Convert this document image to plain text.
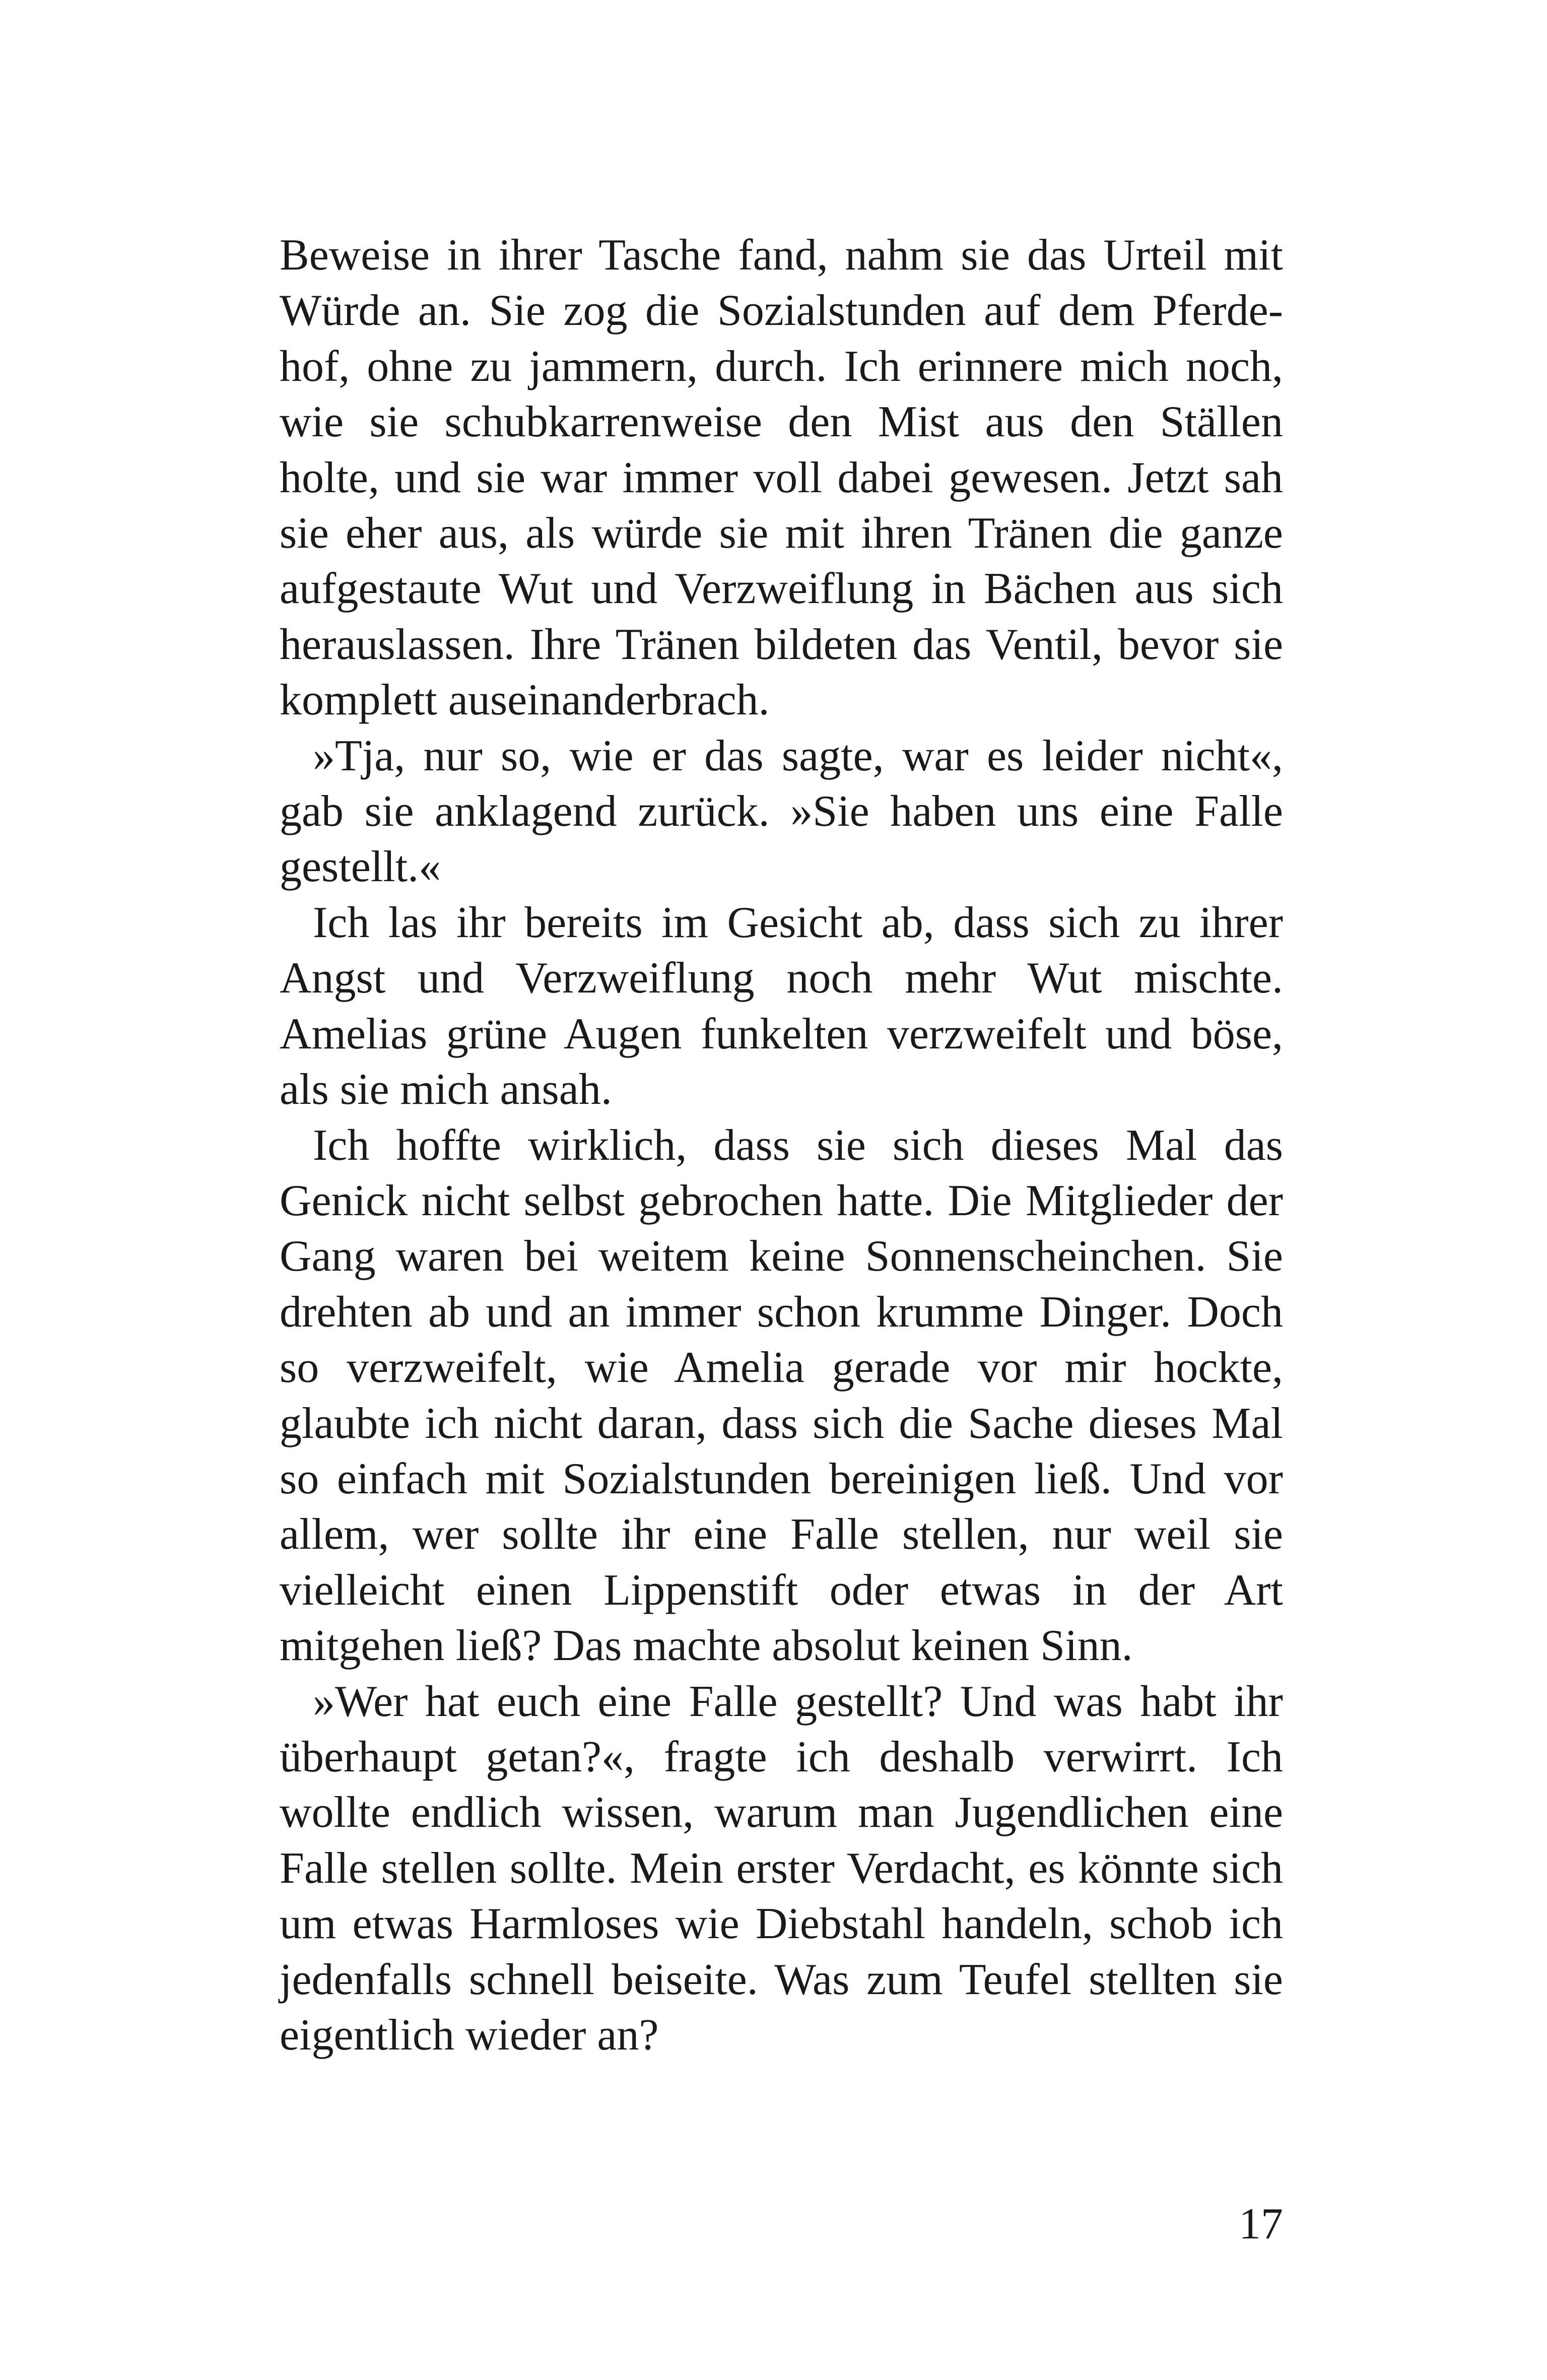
Beweise in ihrer Tasche fand, nahm sie das Urteil mit Würde an. Sie zog die Sozialstunden auf dem Pferdehof, ohne zu jammern, durch. Ich erinnere mich noch, wie sie schubkarrenweise den Mist aus den Ställen holte, und sie war immer voll dabei gewesen. Jetzt sah sie eher aus, als würde sie mit ihren Tränen die ganze aufgestaute Wut und Verzweiflung in Bächen aus sich herauslassen. Ihre Tränen bildeten das Ventil, bevor sie komplett auseinanderbrach.

»Tja, nur so, wie er das sagte, war es leider nicht«, gab sie anklagend zurück. »Sie haben uns eine Falle gestellt.«

Ich las ihr bereits im Gesicht ab, dass sich zu ihrer Angst und Verzweiflung noch mehr Wut mischte. Amelias grüne Augen funkelten verzweifelt und böse, als sie mich ansah.

Ich hoffte wirklich, dass sie sich dieses Mal das Genick nicht selbst gebrochen hatte. Die Mitglieder der Gang waren bei weitem keine Sonnenscheinchen. Sie drehten ab und an immer schon krumme Dinger. Doch so verzweifelt, wie Amelia gerade vor mir hockte, glaubte ich nicht daran, dass sich die Sache dieses Mal so einfach mit Sozialstunden bereinigen ließ. Und vor allem, wer sollte ihr eine Falle stellen, nur weil sie vielleicht einen Lippenstift oder etwas in der Art mitgehen ließ? Das machte absolut keinen Sinn.

»Wer hat euch eine Falle gestellt? Und was habt ihr überhaupt getan?«, fragte ich deshalb verwirrt. Ich wollte endlich wissen, warum man Jugendlichen eine Falle stellen sollte. Mein erster Verdacht, es könnte sich um etwas Harmloses wie Diebstahl handeln, schob ich jedenfalls schnell beiseite. Was zum Teufel stellten sie eigentlich wieder an?

17
